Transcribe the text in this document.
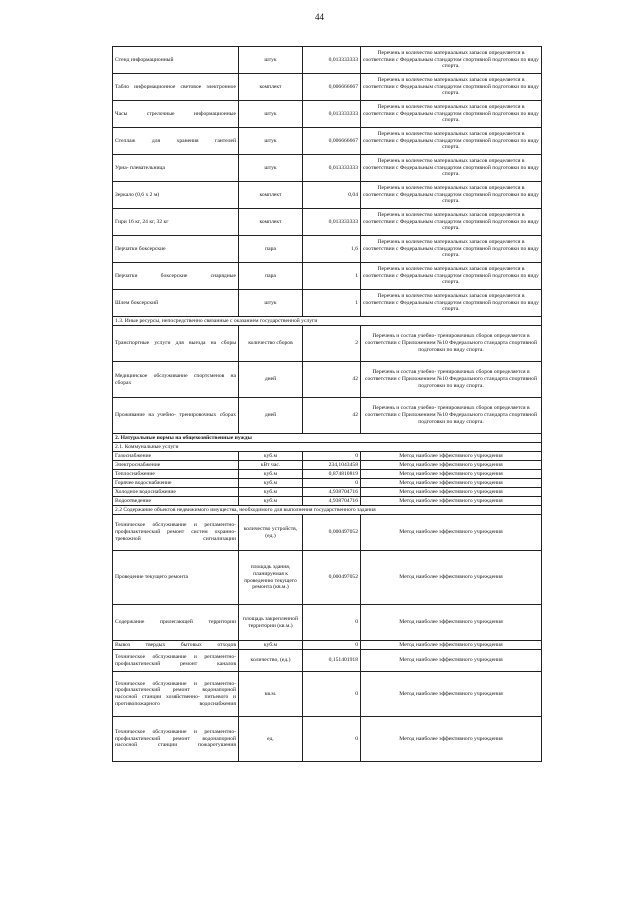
44
Стенд информационный	штук	0,013333333	Перечень и количество материальных запасов определяется в соответствии с Федеральным стандартом спортивной подготовки по виду спорта.
Табло информационное световое электронное	комплект	0,006666667	Перечень и количество материальных запасов определяется в соответствии с Федеральным стандартом спортивной подготовки по виду спорта.
Часы стрелочные информационные	штук	0,013333333	Перечень и количество материальных запасов определяется в соответствии с Федеральным стандартом спортивной подготовки по виду спорта.
Стеллаж для хранения гантелей	штук	0,006666667	Перечень и количество материальных запасов определяется в соответствии с Федеральным стандартом спортивной подготовки по виду спорта.
Урна- плевательница	штук	0,013333333	Перечень и количество материальных запасов определяется в соответствии с Федеральным стандартом спортивной подготовки по виду спорта.
Зеркало (0,6 х 2 м)	комплект	0,04	Перечень и количество материальных запасов определяется в соответствии с Федеральным стандартом спортивной подготовки по виду спорта.
Гири 16 кг, 24 кг, 32 кг	комплект	0,013333333	Перечень и количество материальных запасов определяется в соответствии с Федеральным стандартом спортивной подготовки по виду спорта.
Перчатки боксерские	пара	1,6	Перечень и количество материальных запасов определяется в соответствии с Федеральным стандартом спортивной подготовки по виду спорта.
Перчатки боксерские снарядные	пара	1	Перечень и количество материальных запасов определяется в соответствии с Федеральным стандартом спортивной подготовки по виду спорта.
Шлем боксерский	штук	1	Перечень и количество материальных запасов определяется в соответствии с Федеральным стандартом спортивной подготовки по виду спорта.
1.3. Иные ресурсы, непосредственно связанные с оказанием государственной услуги			
Транспортные услуги для выезда на сборы	количество сборов	2	Перечень и состав учебно- тренировочных сборов определяется в соответствии с Приложением №10 Федерального стандарта спортивной подготовки по виду спорта.
Медицинское обслуживание спортсменов на сборах	дней	42	Перечень и состав учебно- тренировочных сборов определяется в соответствии с Приложением №10 Федерального стандарта спортивной подготовки по виду спорта.
Проживание на учебно- тренировочных сборах	дней	42	Перечень и состав учебно- тренировочных сборов определяется в соответствии с Приложением №10 Федерального стандарта спортивной подготовки по виду спорта.
2. Натуральные нормы на общехозяйственные нужды			
2.1. Коммунальные услуги			
Газоснабжение	куб.м	0	Метод наиболее эффективного учреждения
Электроснабжение	кВт час.	234,1043458	Метод наиболее эффективного учреждения
Теплоснабжение	куб.м	0,874810819	Метод наиболее эффективного учреждения
Горячее водоснабжение	куб.м	0	Метод наиболее эффективного учреждения
Холодное водоснабжение	куб.м	4,938704716	Метод наиболее эффективного учреждения
Водоотведение	куб.м	4,938704716	Метод наиболее эффективного учреждения
2.2 Содержание объектов недвижимого имущества, необходимого для выполнения государственного задания			
Техническое обслуживание и регламентно- профилактический ремонт систем охранно- тревожной сигнализации	количество устройств,(ед.)	0,000497052	Метод наиболее эффективного учреждения
Проведение текущего ремонта	площадь здания, планируемая к проведению текущего ремонта (кв.м.)	0,000497052	Метод наиболее эффективного учреждения
Содержание прилегающей территории	площадь закрепленной территории (кв.м.)	0	Метод наиболее эффективного учреждения
Вывоз твердых бытовых отходов	куб.м	0	Метод наиболее эффективного учреждения
Техническое обслуживание и регламентно- профилактический ремонт каналов	количество, (ед.)	0,151401918	Метод наиболее эффективного учреждения
Техническое обслуживание и регламентно- профилактический ремонт водонапорной насосной станции хозяйственно- питьевого и противопожарного водоснабжения	кв.м.	0	Метод наиболее эффективного учреждения
Техническое обслуживание и регламентно- профилактический ремонт водонапорной насосной станции пожаротушения	ед.	0	Метод наиболее эффективного учреждения
